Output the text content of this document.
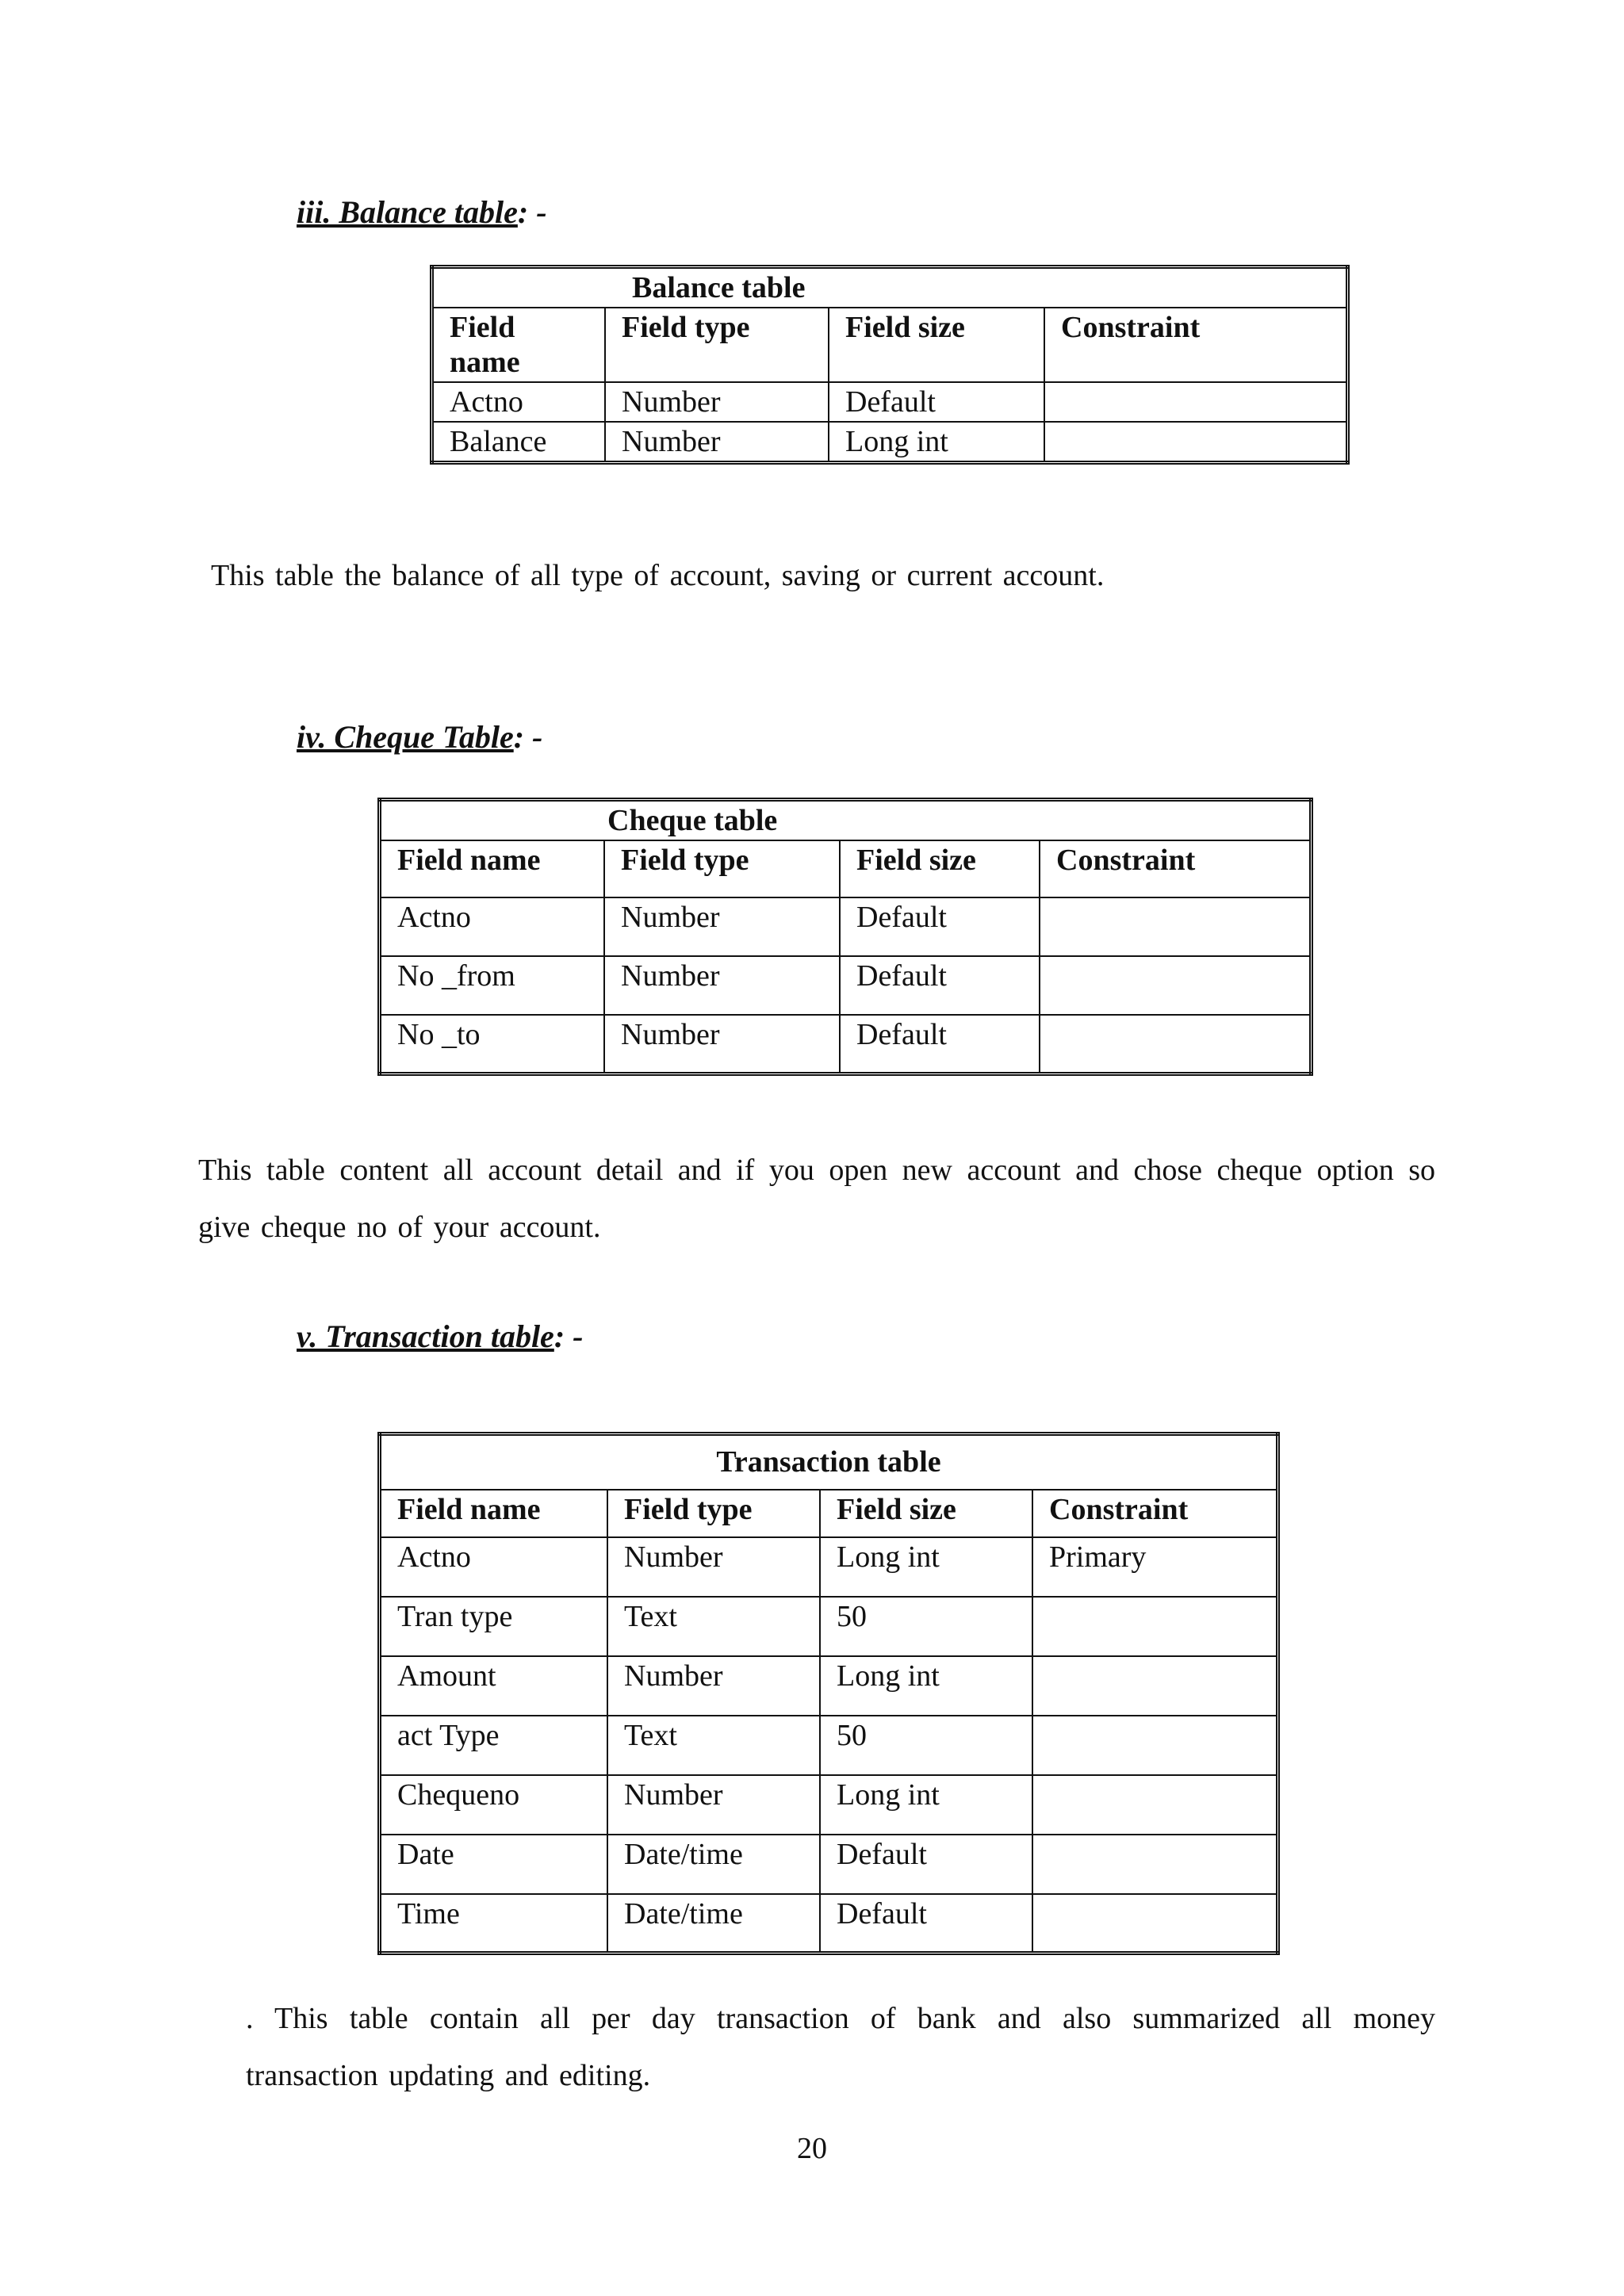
iii. Balance table: -
Balance table			
Field name	Field type	Field size	Constraint
Actno	Number	Default	
Balance	Number	Long int	
This table the balance of all type of account, saving or current account.
iv. Cheque Table: -
Cheque table			
Field name	Field type	Field size	Constraint
Actno	Number	Default	
No _from	Number	Default	
No _to	Number	Default	
This table content all account detail and if you open new account and chose cheque option so
give cheque no of your account.
v. Transaction table: -
Transaction table			
Field name	Field type	Field size	Constraint
Actno	Number	Long int	Primary
Tran type	Text	50	
Amount	Number	Long int	
act Type	Text	50	
Chequeno	Number	Long int	
Date	Date/time	Default	
Time	Date/time	Default	
. This table contain all per day transaction of bank and also summarized all money
transaction updating and editing.
20
